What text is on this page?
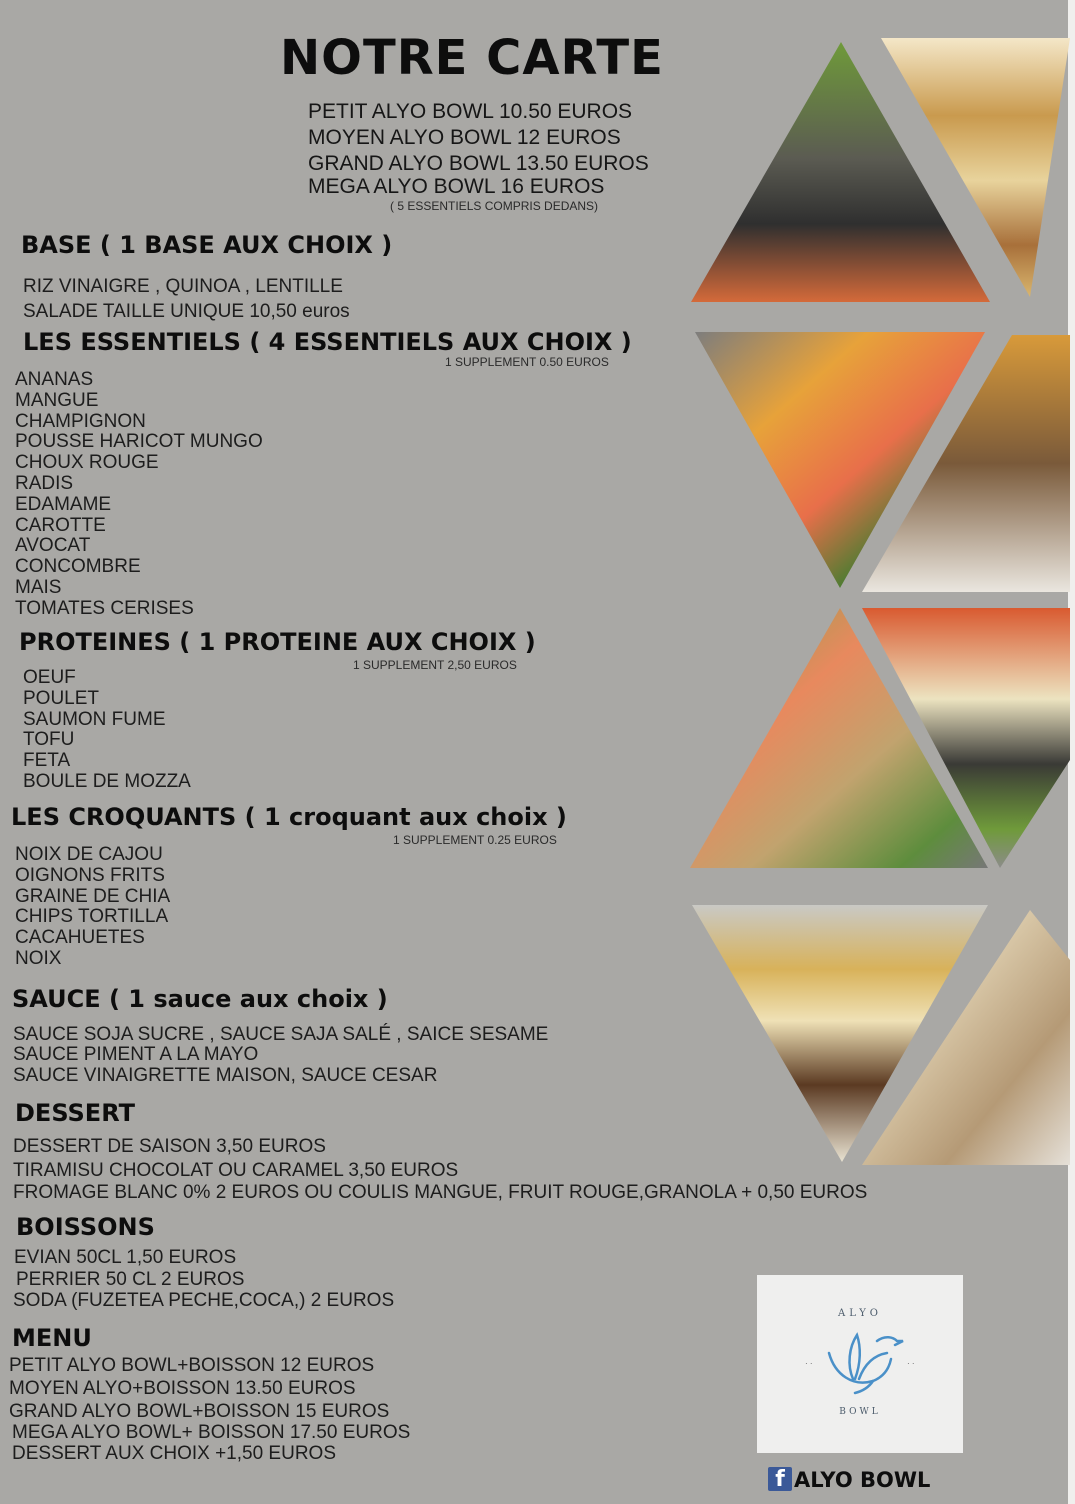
NOTRE CARTE
PETIT ALYO BOWL 10.50 EUROS
MOYEN ALYO BOWL 12 EUROS
GRAND ALYO BOWL 13.50 EUROS
MEGA ALYO BOWL 16 EUROS
( 5 ESSENTIELS COMPRIS DEDANS)
BASE ( 1 BASE AUX CHOIX )
RIZ VINAIGRE , QUINOA , LENTILLE
SALADE TAILLE UNIQUE 10,50 euros
LES ESSENTIELS ( 4 ESSENTIELS AUX CHOIX )
1 SUPPLEMENT 0.50 EUROS
ANANAS
MANGUE
CHAMPIGNON
POUSSE HARICOT MUNGO
CHOUX ROUGE
RADIS
EDAMAME
CAROTTE
AVOCAT
CONCOMBRE
MAIS
TOMATES CERISES
PROTEINES ( 1 PROTEINE AUX CHOIX )
1 SUPPLEMENT 2,50 EUROS
OEUF
POULET
SAUMON FUME
TOFU
FETA
BOULE DE MOZZA
LES CROQUANTS ( 1 croquant aux choix )
1 SUPPLEMENT 0.25 EUROS
NOIX DE CAJOU
OIGNONS FRITS
GRAINE DE CHIA
CHIPS TORTILLA
CACAHUETES
NOIX
SAUCE ( 1 sauce aux choix )
SAUCE SOJA SUCRE , SAUCE SAJA SALÉ , SAICE SESAME
SAUCE PIMENT A LA MAYO
SAUCE VINAIGRETTE MAISON, SAUCE CESAR
DESSERT
DESSERT DE SAISON 3,50 EUROS
TIRAMISU CHOCOLAT OU CARAMEL 3,50 EUROS
FROMAGE BLANC 0% 2 EUROS OU COULIS MANGUE, FRUIT ROUGE,GRANOLA + 0,50 EUROS
BOISSONS
EVIAN 50CL 1,50 EUROS
PERRIER 50 CL 2 EUROS
SODA (FUZETEA PECHE,COCA,) 2 EUROS
MENU
PETIT ALYO BOWL+BOISSON 12 EUROS
MOYEN ALYO+BOISSON 13.50 EUROS
GRAND ALYO BOWL+BOISSON 15 EUROS
MEGA ALYO BOWL+ BOISSON 17.50 EUROS
DESSERT AUX CHOIX +1,50 EUROS
ALYO
BOWL
· ·	· ·
f ALYO BOWL
